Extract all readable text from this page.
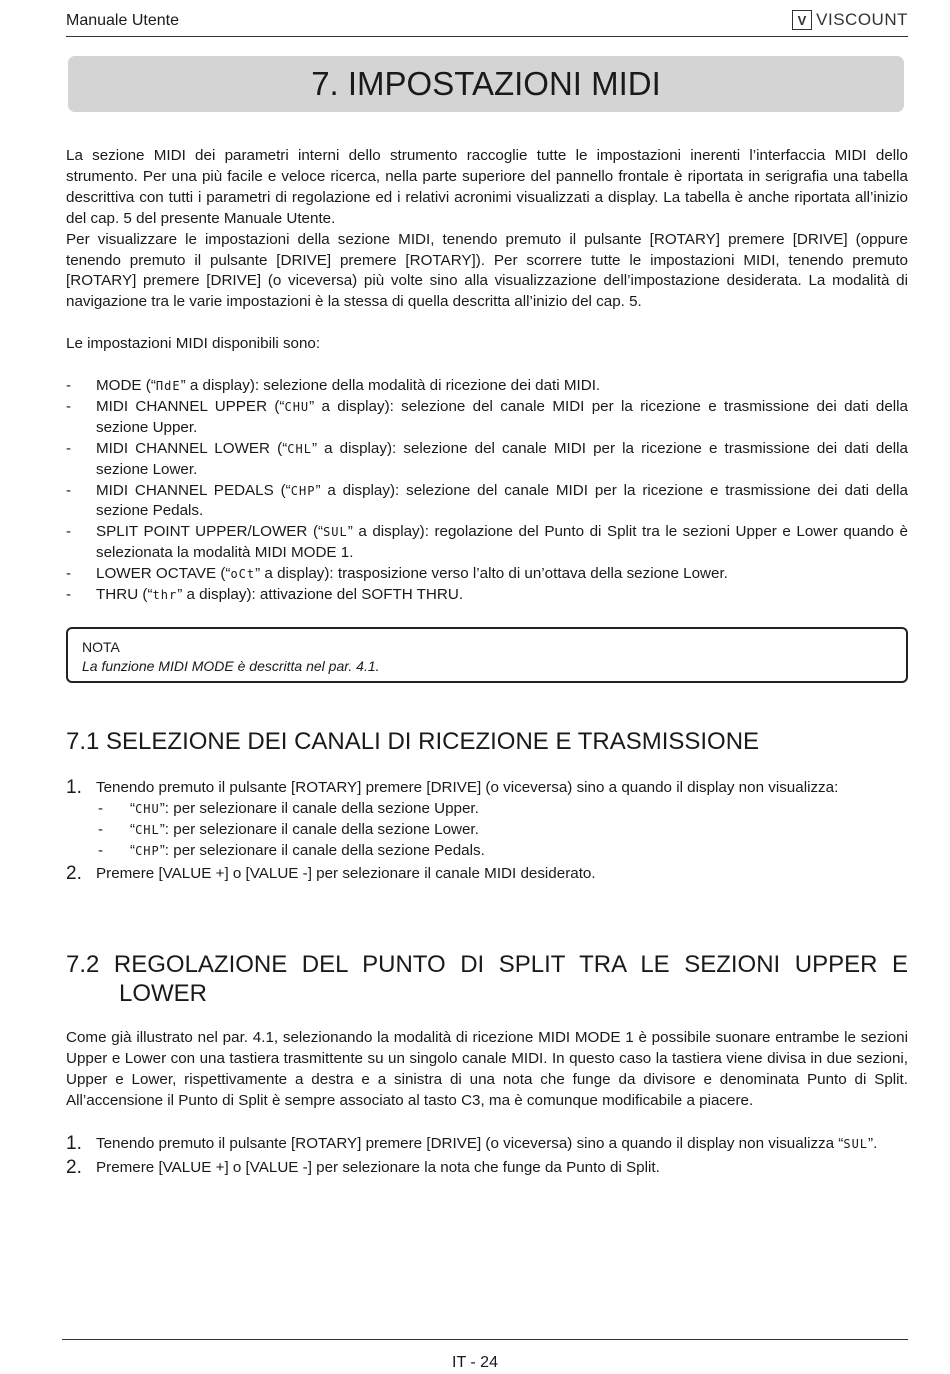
Manuale Utente	V VISCOUNT
7. IMPOSTAZIONI MIDI

La sezione MIDI dei parametri interni dello strumento raccoglie tutte le impostazioni inerenti l’interfaccia MIDI dello strumento. Per una più facile e veloce ricerca, nella parte superiore del pannello frontale è riportata in serigrafia una tabella descrittiva con tutti i parametri di regolazione ed i relativi acronimi visualizzati a display. La tabella è anche riportata all’inizio del cap. 5 del presente Manuale Utente.

Per visualizzare le impostazioni della sezione MIDI, tenendo premuto il pulsante [ROTARY] premere [DRIVE] (oppure tenendo premuto il pulsante [DRIVE] premere [ROTARY]). Per scorrere tutte le impostazioni MIDI, tenendo premuto [ROTARY] premere [DRIVE] (o viceversa) più volte sino alla visualizzazione dell’impostazione desiderata. La modalità di navigazione tra le varie impostazioni è la stessa di quella descritta all’inizio del cap. 5.

Le impostazioni MIDI disponibili sono:

-	MODE (“ΠdE” a display): selezione della modalità di ricezione dei dati MIDI.
-	MIDI CHANNEL UPPER (“CHU” a display): selezione del canale MIDI per la ricezione e trasmissione dei dati della sezione Upper.
-	MIDI CHANNEL LOWER (“CHL” a display): selezione del canale MIDI per la ricezione e trasmissione dei dati della sezione Lower.
-	MIDI CHANNEL PEDALS (“CHP” a display): selezione del canale MIDI per la ricezione e trasmissione dei dati della sezione Pedals.
-	SPLIT POINT UPPER/LOWER (“SUL” a display): regolazione del Punto di Split tra le sezioni Upper e Lower quando è selezionata la modalità MIDI MODE 1.
-	LOWER OCTAVE (“oCt” a display): trasposizione verso l’alto di un’ottava della sezione Lower.
-	THRU (“thr” a display): attivazione del SOFTH THRU.
NOTA
La funzione MIDI MODE è descritta nel par. 4.1.
7.1 SELEZIONE DEI CANALI DI RICEZIONE E TRASMISSIONE
1. Tenendo premuto il pulsante [ROTARY] premere [DRIVE] (o viceversa) sino a quando il display non visualizza:
-	“CHU”: per selezionare il canale della sezione Upper.
-	“CHL”: per selezionare il canale della sezione Lower.
-	“CHP”: per selezionare il canale della sezione Pedals.
2. Premere [VALUE +] o [VALUE -] per selezionare il canale MIDI desiderato.
7.2 REGOLAZIONE DEL PUNTO DI SPLIT TRA LE SEZIONI UPPER E
LOWER
Come già illustrato nel par. 4.1, selezionando la modalità di ricezione MIDI MODE 1 è possibile suonare entrambe le sezioni Upper e Lower con una tastiera trasmittente su un singolo canale MIDI. In questo caso la tastiera viene divisa in due sezioni, Upper e Lower, rispettivamente a destra e a sinistra di una nota che funge da divisore e denominata Punto di Split. All’accensione il Punto di Split è sempre associato al tasto C3, ma è comunque modificabile a piacere.
1. Tenendo premuto il pulsante [ROTARY] premere [DRIVE] (o viceversa) sino a quando il display non visualizza “SUL”.
2. Premere [VALUE +] o [VALUE -] per selezionare la nota che funge da Punto di Split.
IT - 24
